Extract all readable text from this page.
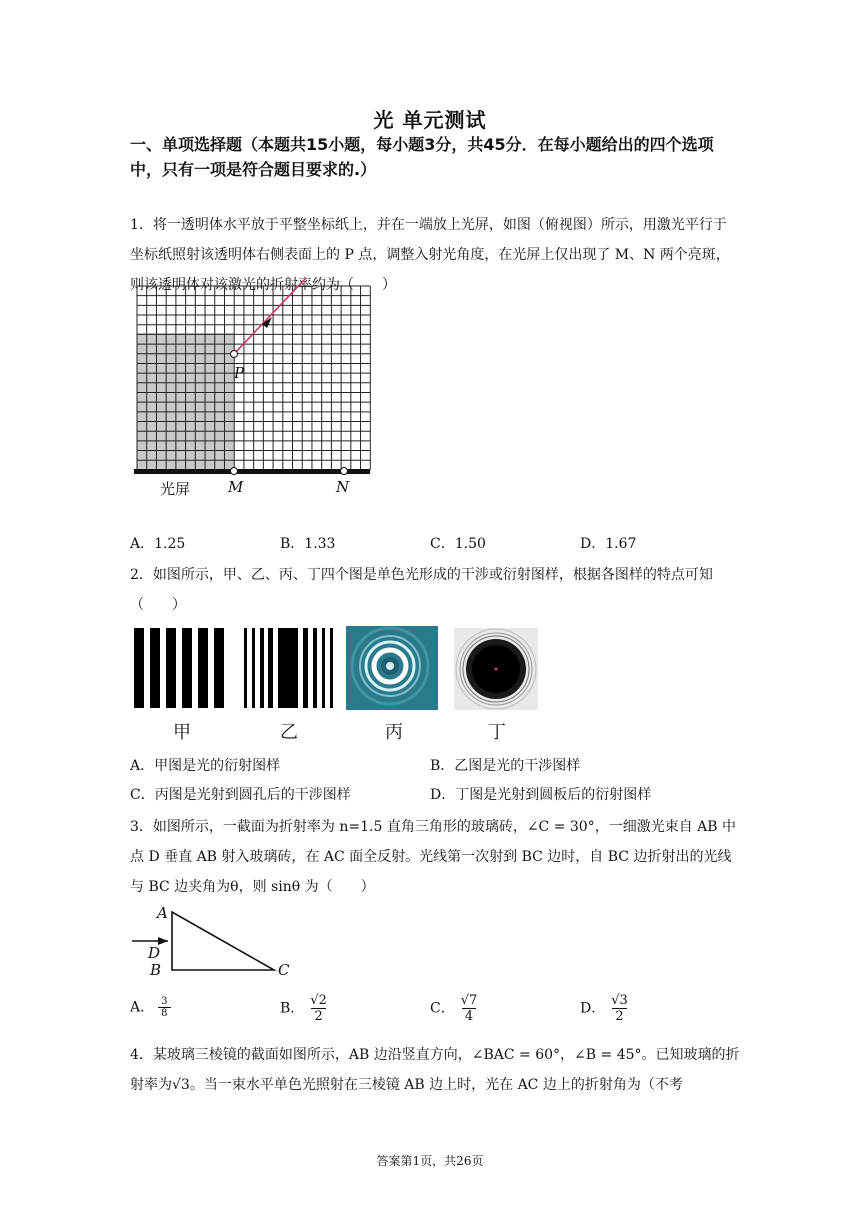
光 单元测试
一、单项选择题（本题共15小题，每小题3分，共45分．在每小题给出的四个选项中，只有一项是符合题目要求的.）
1．将一透明体水平放于平整坐标纸上，并在一端放上光屏，如图（俯视图）所示，用激光平行于坐标纸照射该透明体右侧表面上的 P 点，调整入射光角度，在光屏上仅出现了 M、N 两个亮斑，则该透明体对该激光的折射率约为（　　）
P
光屏	M	N
A．1.25	B．1.33	C．1.50	D．1.67
2．如图所示，甲、乙、丙、丁四个图是单色光形成的干涉或衍射图样，根据各图样的特点可知（　　）
甲	乙	丙	丁
A．甲图是光的衍射图样	B．乙图是光的干涉图样
C．丙图是光射到圆孔后的干涉图样	D．丁图是光射到圆板后的衍射图样
3．如图所示，一截面为折射率为 n=1.5 直角三角形的玻璃砖，∠C = 30°，一细激光束自 AB 中点 D 垂直 AB 射入玻璃砖，在 AC 面全反射。光线第一次射到 BC 边时，自 BC 边折射出的光线与 BC 边夹角为θ，则 sinθ 为（　　）
A
D
B	C
A． $\frac{3}{8}$	B． $\frac{√2}{2}$	C． $\frac{√7}{4}$	D． $\frac{√3}{2}$
4．某玻璃三棱镜的截面如图所示，AB 边沿竖直方向，∠BAC = 60°，∠B = 45°。已知玻璃的折射率为√3。当一束水平单色光照射在三棱镜 AB 边上时，光在 AC 边上的折射角为（不考
答案第1页，共26页
